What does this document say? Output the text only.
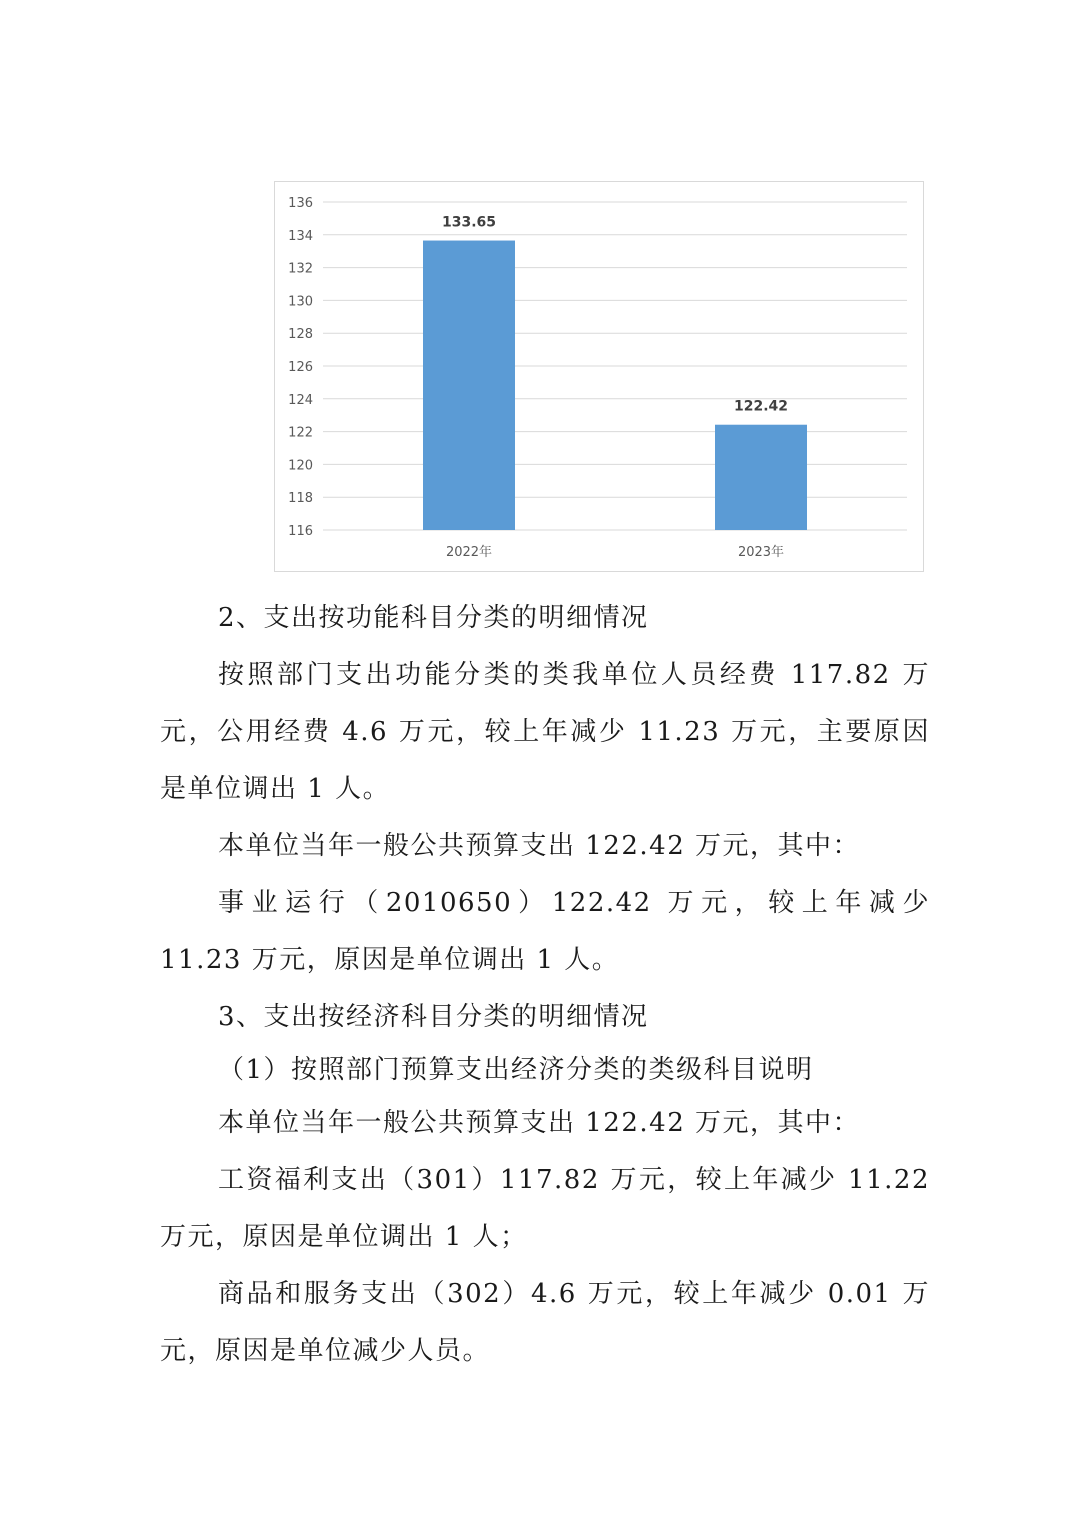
116
118
120
122
124
126
128
130
132
134
136
133.65
2022年
122.42
2023年

2、支出按功能科目分类的明细情况

按照部门支出功能分类的类我单位人员经费 117.82 万元，公用经费 4.6 万元，较上年减少 11.23 万元，主要原因是单位调出 1 人。

本单位当年一般公共预算支出 122.42 万元，其中：

事业运行（2010650）122.42 万元，较上年减少 11.23 万元，原因是单位调出 1 人。

3、支出按经济科目分类的明细情况

（1）按照部门预算支出经济分类的类级科目说明

本单位当年一般公共预算支出 122.42 万元，其中：

工资福利支出（301）117.82 万元，较上年减少 11.22 万元，原因是单位调出 1 人；

商品和服务支出（302）4.6 万元，较上年减少 0.01 万元，原因是单位减少人员。
